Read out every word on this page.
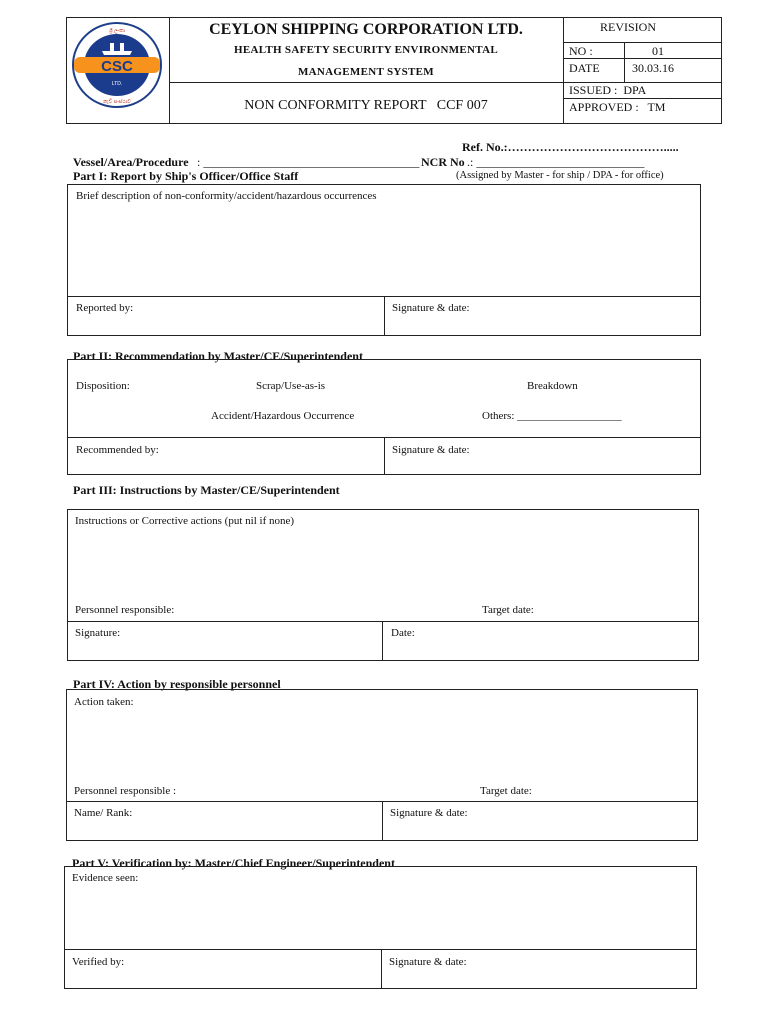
CSC
LTD.
ශ්‍රී ලංකා
නැව් සංස්ථාව
CEYLON SHIPPING CORPORATION LTD.
HEALTH SAFETY SECURITY ENVIRONMENTAL
MANAGEMENT SYSTEM
NON CONFORMITY REPORT   CCF 007
REVISION
NO :	01
DATE	30.03.16
ISSUED :  DPA
APPROVED :   TM
Ref. No.:………………………………….....
Vessel/Area/Procedure : ____________________________________ NCR No .: ____________________________
Part I: Report by Ship's Officer/Office Staff	(Assigned by Master - for ship / DPA - for office)
Brief description of non-conformity/accident/hazardous occurrences
Reported by:	Signature & date:
Part II: Recommendation by Master/CE/Superintendent
Disposition:	Scrap/Use-as-is	Breakdown
Accident/Hazardous Occurrence	Others: ___________________
Recommended by:	Signature & date:
Part III: Instructions by Master/CE/Superintendent
Instructions or Corrective actions (put nil if none)
Personnel responsible:	Target date:
Signature:	Date:
Part IV: Action by responsible personnel
Action taken:
Personnel responsible :	Target date:
Name/ Rank:	Signature & date:
Part V: Verification by: Master/Chief Engineer/Superintendent
Evidence seen:
Verified by:	Signature & date:
